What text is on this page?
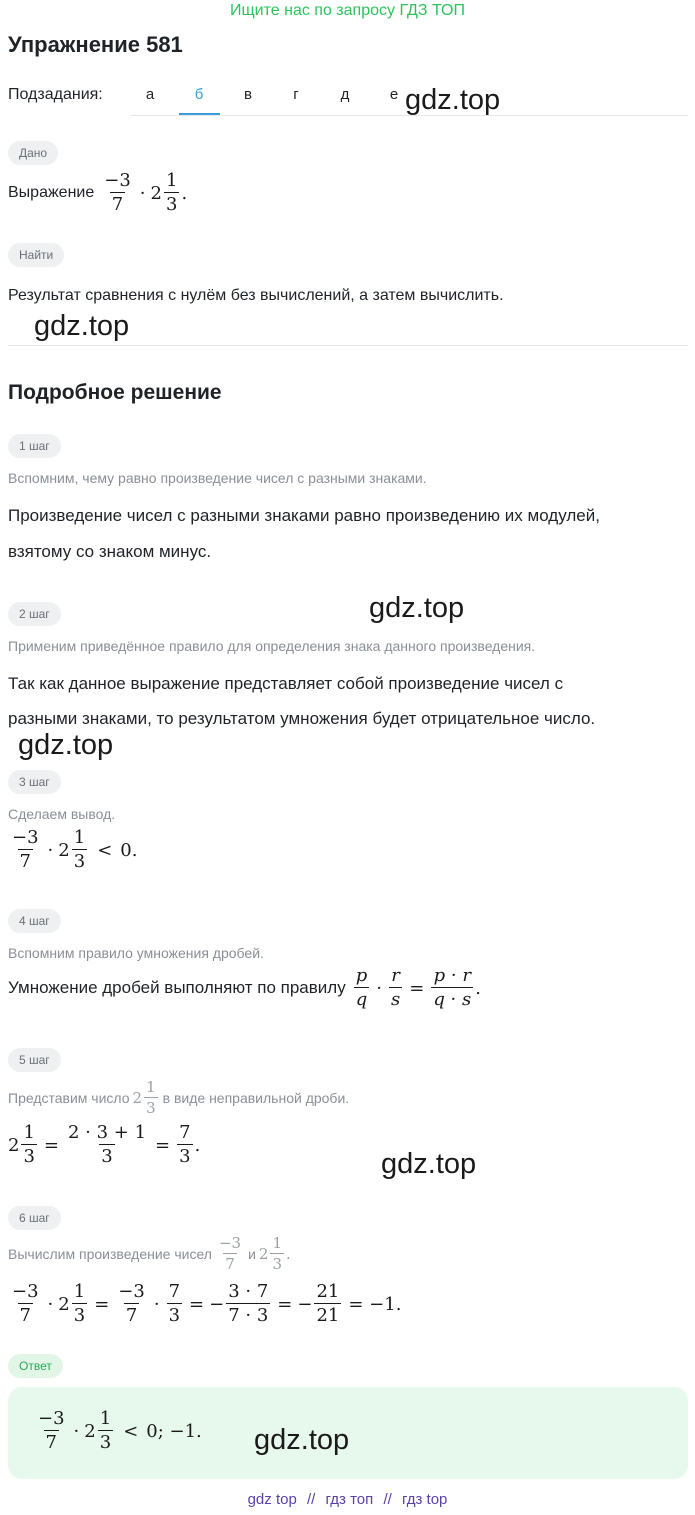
Ищите нас по запросу ГДЗ ТОП
Упражнение 581
Подзадания:	а	б	в	г	д	е gdz.top
Дано
Выражение $\frac{-3}{7} \cdot 2 \frac{1}{3}$ .
Найти
Результат сравнения с нулём без вычислений, а затем вычислить.
gdz.top
Подробное решение
1 шаг
Вспомним, чему равно произведение чисел с разными знаками.
Произведение чисел с разными знаками равно произведению их модулей,
взятому со знаком минус.
2 шаг	gdz.top
Применим приведённое правило для определения знака данного произведения.
Так как данное выражение представляет собой произведение чисел с
разными знаками, то результатом умножения будет отрицательное число.
gdz.top
3 шаг
Сделаем вывод.
$\frac{-3}{7} \cdot 2 \frac{1}{3} < 0$.
4 шаг
Вспомним правило умножения дробей.
Умножение дробей выполняют по правилу $\frac{p}{q} \cdot \frac{r}{s} = \frac{p \cdot r}{q \cdot s}$ .
5 шаг
Представим число $2 \frac{1}{3}$ в виде неправильной дроби.
$2 \frac{1}{3} = \frac{2 \cdot 3 + 1}{3} = \frac{7}{3}$ .
gdz.top
6 шаг
Вычислим произведение чисел $\frac{-3}{7}$ и $2 \frac{1}{3}$ .
$\frac{-3}{7} \cdot 2 \frac{1}{3} = \frac{-3}{7} \cdot \frac{7}{3}$ = − $\frac{3 \cdot 7}{7 \cdot 3}$ = − $\frac{21}{21} = -1$.
Ответ
$\frac{-3}{7} \cdot 2 \frac{1}{3} < 0$; −1. gdz.top
gdz top // гдз топ // гдз top
